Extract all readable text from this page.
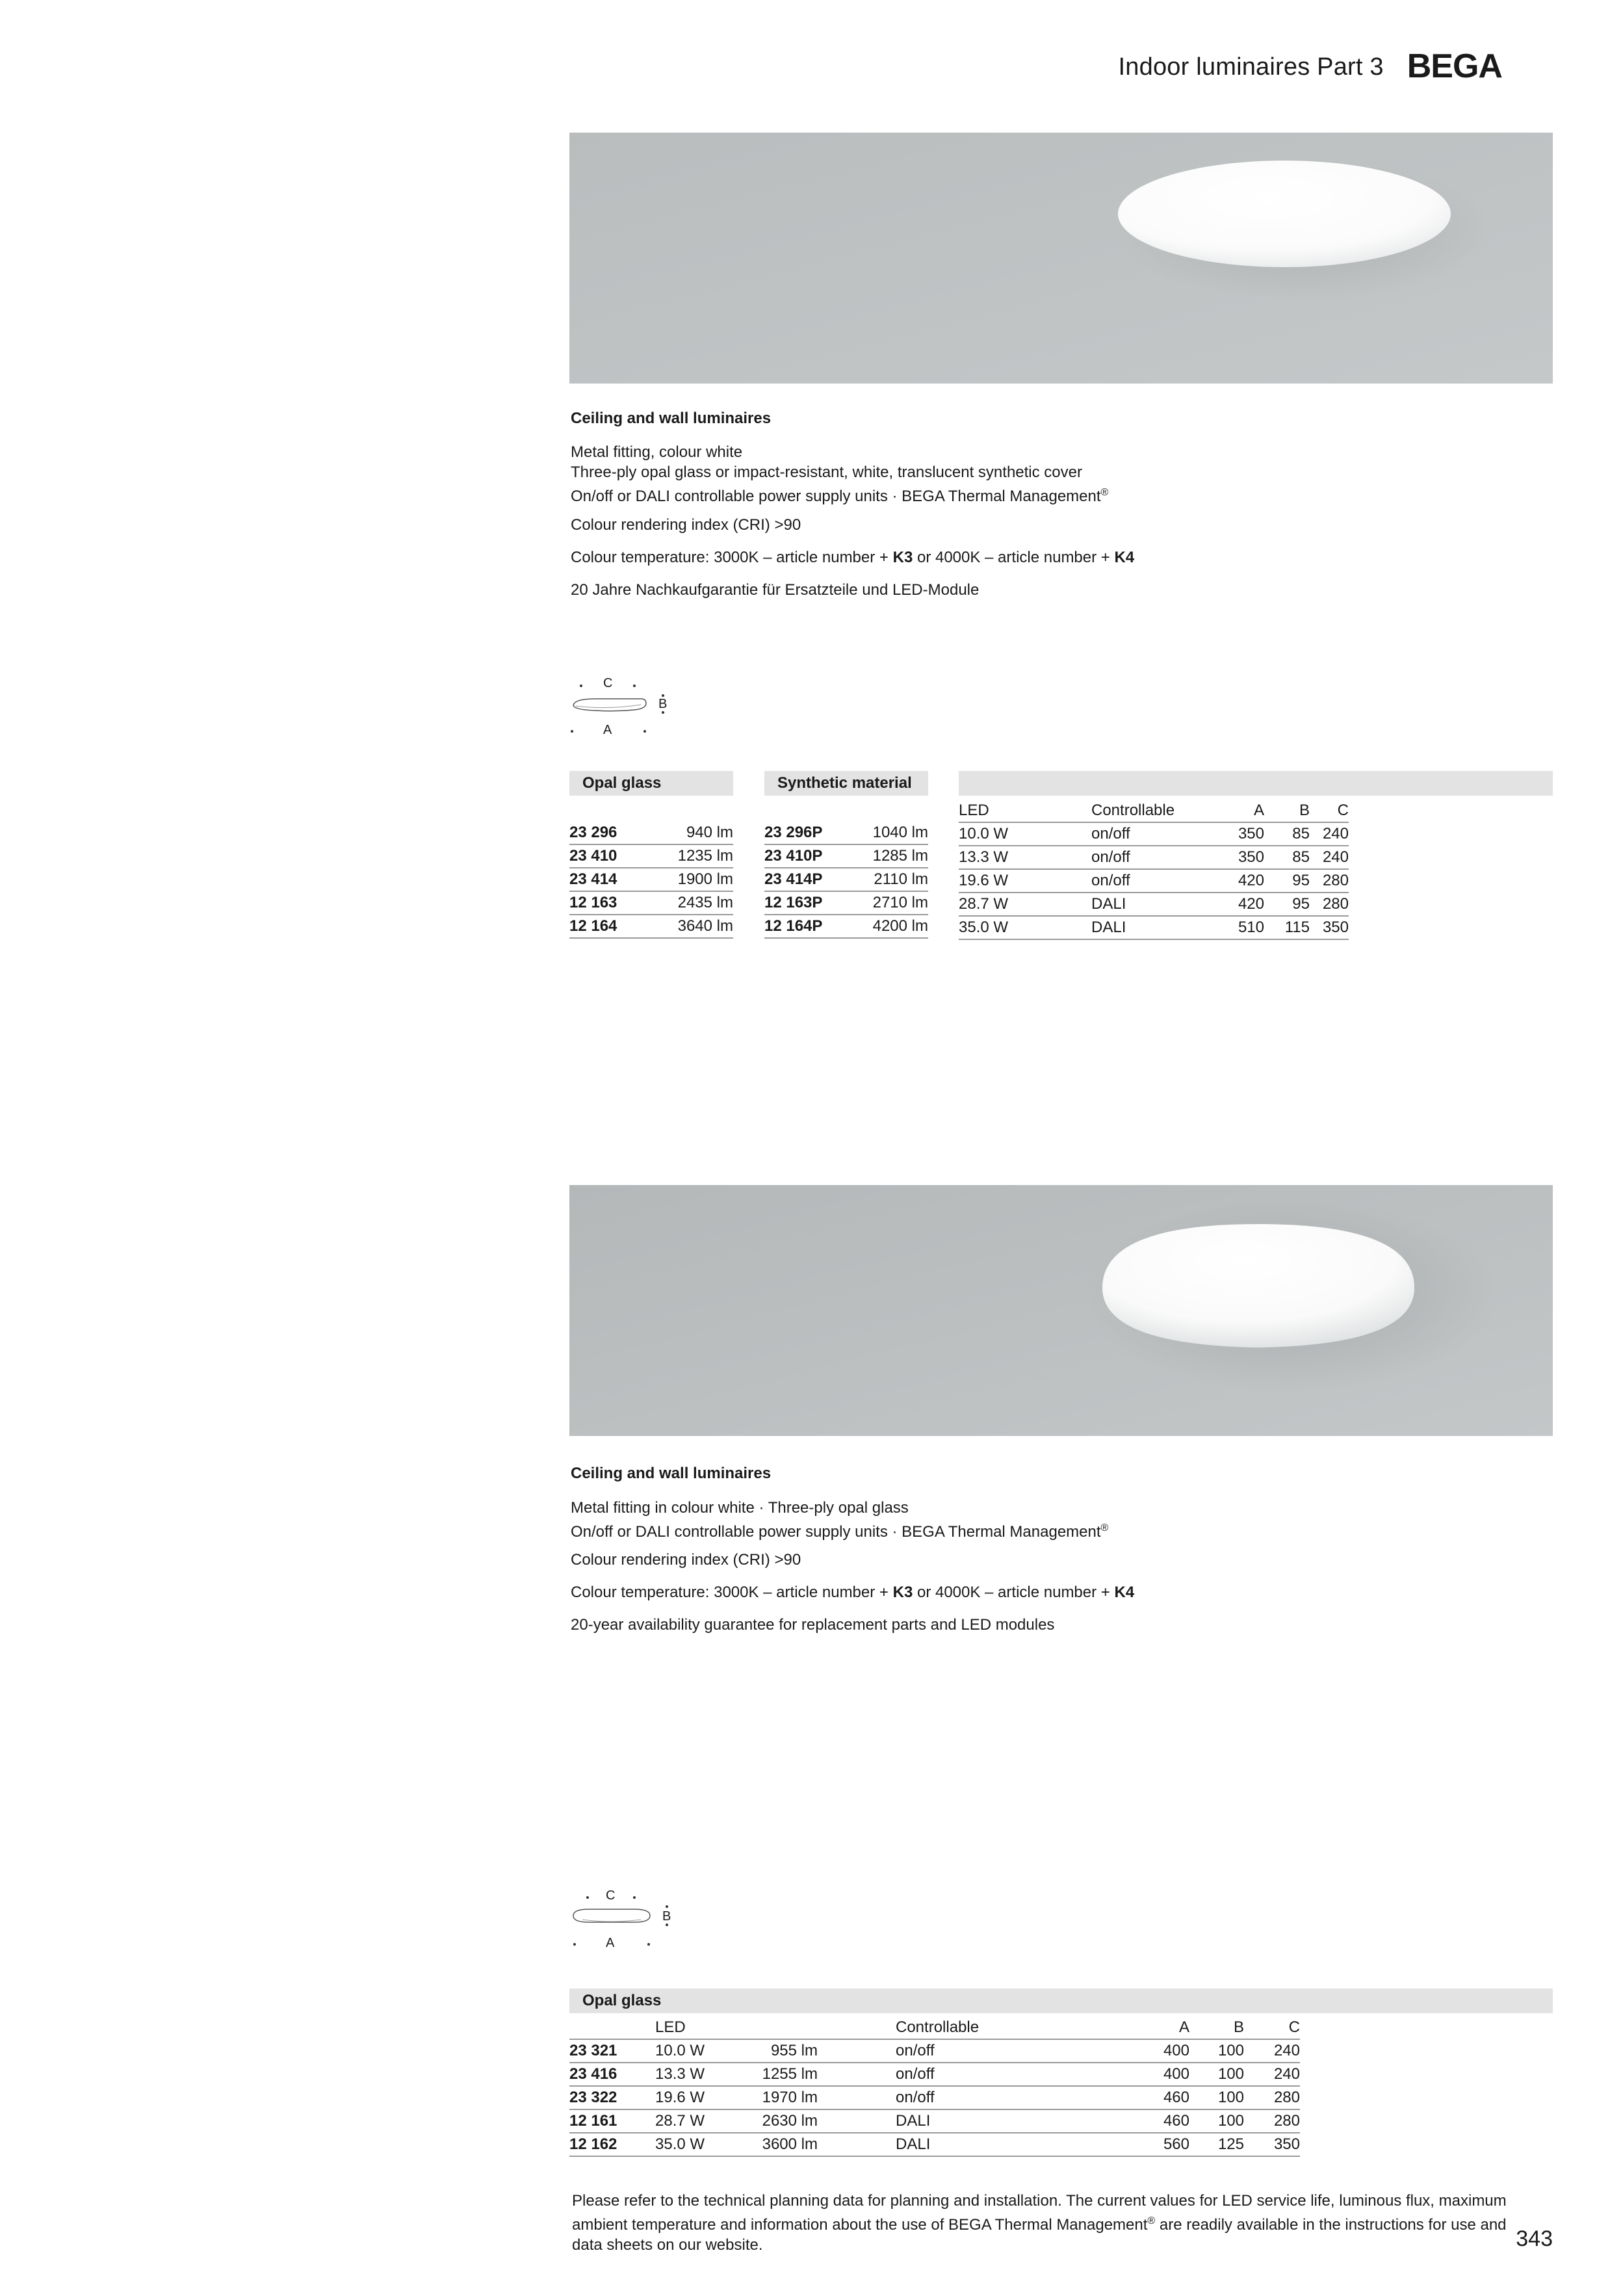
Indoor luminaires Part 3 BEGA
Ceiling and wall luminaires

Metal fitting, colour white

Three-ply opal glass or impact-resistant, white, translucent synthetic cover

On/off or DALI controllable power supply units · BEGA Thermal Management®

Colour rendering index (CRI) >90

Colour temperature: 3000K – article number + K3 or 4000K – article number + K4

20 Jahre Nachkaufgarantie für Ersatzteile und LED-Module

C
B
A
Opal glass	Synthetic material
23 296	940 lm
23 410	1235 lm
23 414	1900 lm
12 163	2435 lm
12 164	3640 lm
23 296P	1040 lm
23 410P	1285 lm
23 414P	2110 lm
12 163P	2710 lm
12 164P	4200 lm
LED	Controllable	A	B	C
10.0 W	on/off	350	85	240
13.3 W	on/off	350	85	240
19.6 W	on/off	420	95	280
28.7 W	DALI	420	95	280
35.0 W	DALI	510	115	350
Ceiling and wall luminaires

Metal fitting in colour white · Three-ply opal glass

On/off or DALI controllable power supply units · BEGA Thermal Management®

Colour rendering index (CRI) >90

Colour temperature: 3000K – article number + K3 or 4000K – article number + K4

20-year availability guarantee for replacement parts and LED modules

C
B
A
Opal glass
	LED			Controllable	A	B	C
23 321	10.0 W	955 lm		on/off	400	100	240
23 416	13.3 W	1255 lm		on/off	400	100	240
23 322	19.6 W	1970 lm		on/off	460	100	280
12 161	28.7 W	2630 lm		DALI	460	100	280
12 162	35.0 W	3600 lm		DALI	560	125	350
Please refer to the technical planning data for planning and installation. The current values for LED service life, luminous flux, maximum ambient temperature and information about the use of BEGA Thermal Management® are readily available in the instructions for use and data sheets on our website.	343
